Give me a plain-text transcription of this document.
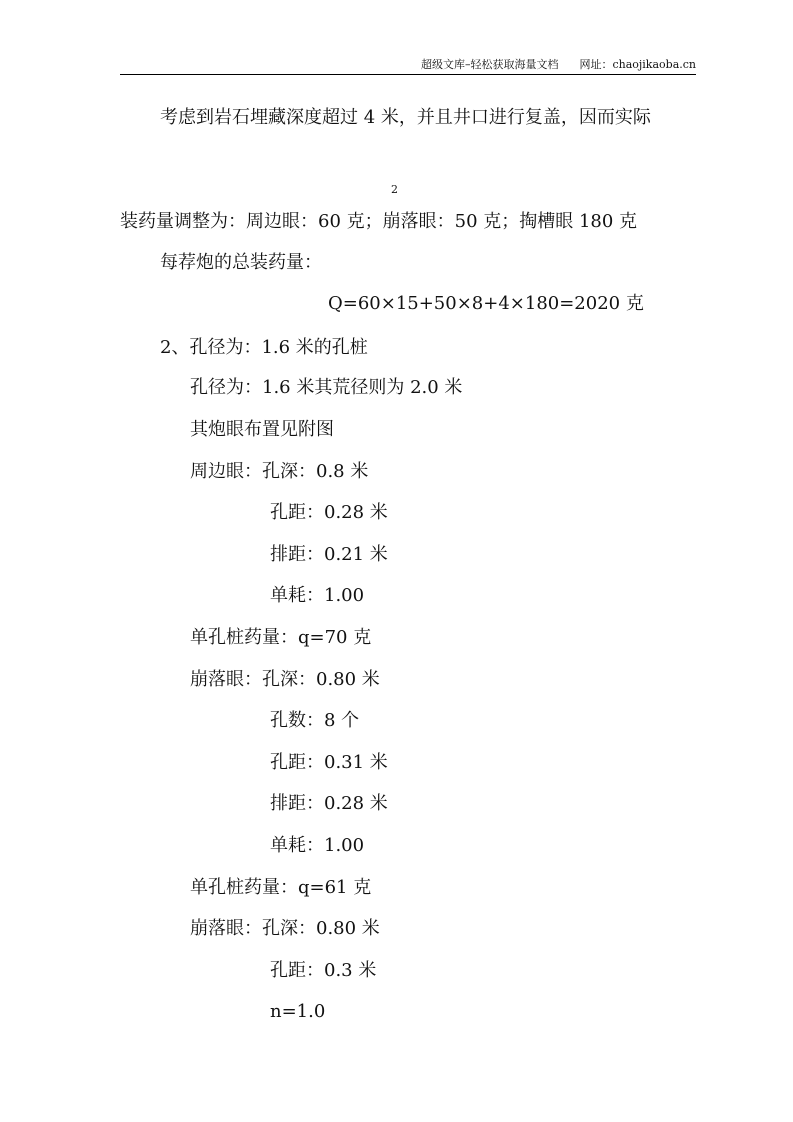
超级文库–轻松获取海量文档 网址：chaojikaoba.cn
考虑到岩石埋藏深度超过 4 米，并且井口进行复盖，因而实际
2
装药量调整为：周边眼：60 克；崩落眼：50 克；掏槽眼 180 克
每荐炮的总装药量：
Q=60×15+50×8+4×180=2020 克
2、孔径为：1.6 米的孔桩
孔径为：1.6 米其荒径则为 2.0 米
其炮眼布置见附图
周边眼：孔深：0.8 米
孔距：0.28 米
排距：0.21 米
单耗：1.00
单孔桩药量：q=70 克
崩落眼：孔深：0.80 米
孔数：8 个
孔距：0.31 米
排距：0.28 米
单耗：1.00
单孔桩药量：q=61 克
崩落眼：孔深：0.80 米
孔距：0.3 米
n=1.0
